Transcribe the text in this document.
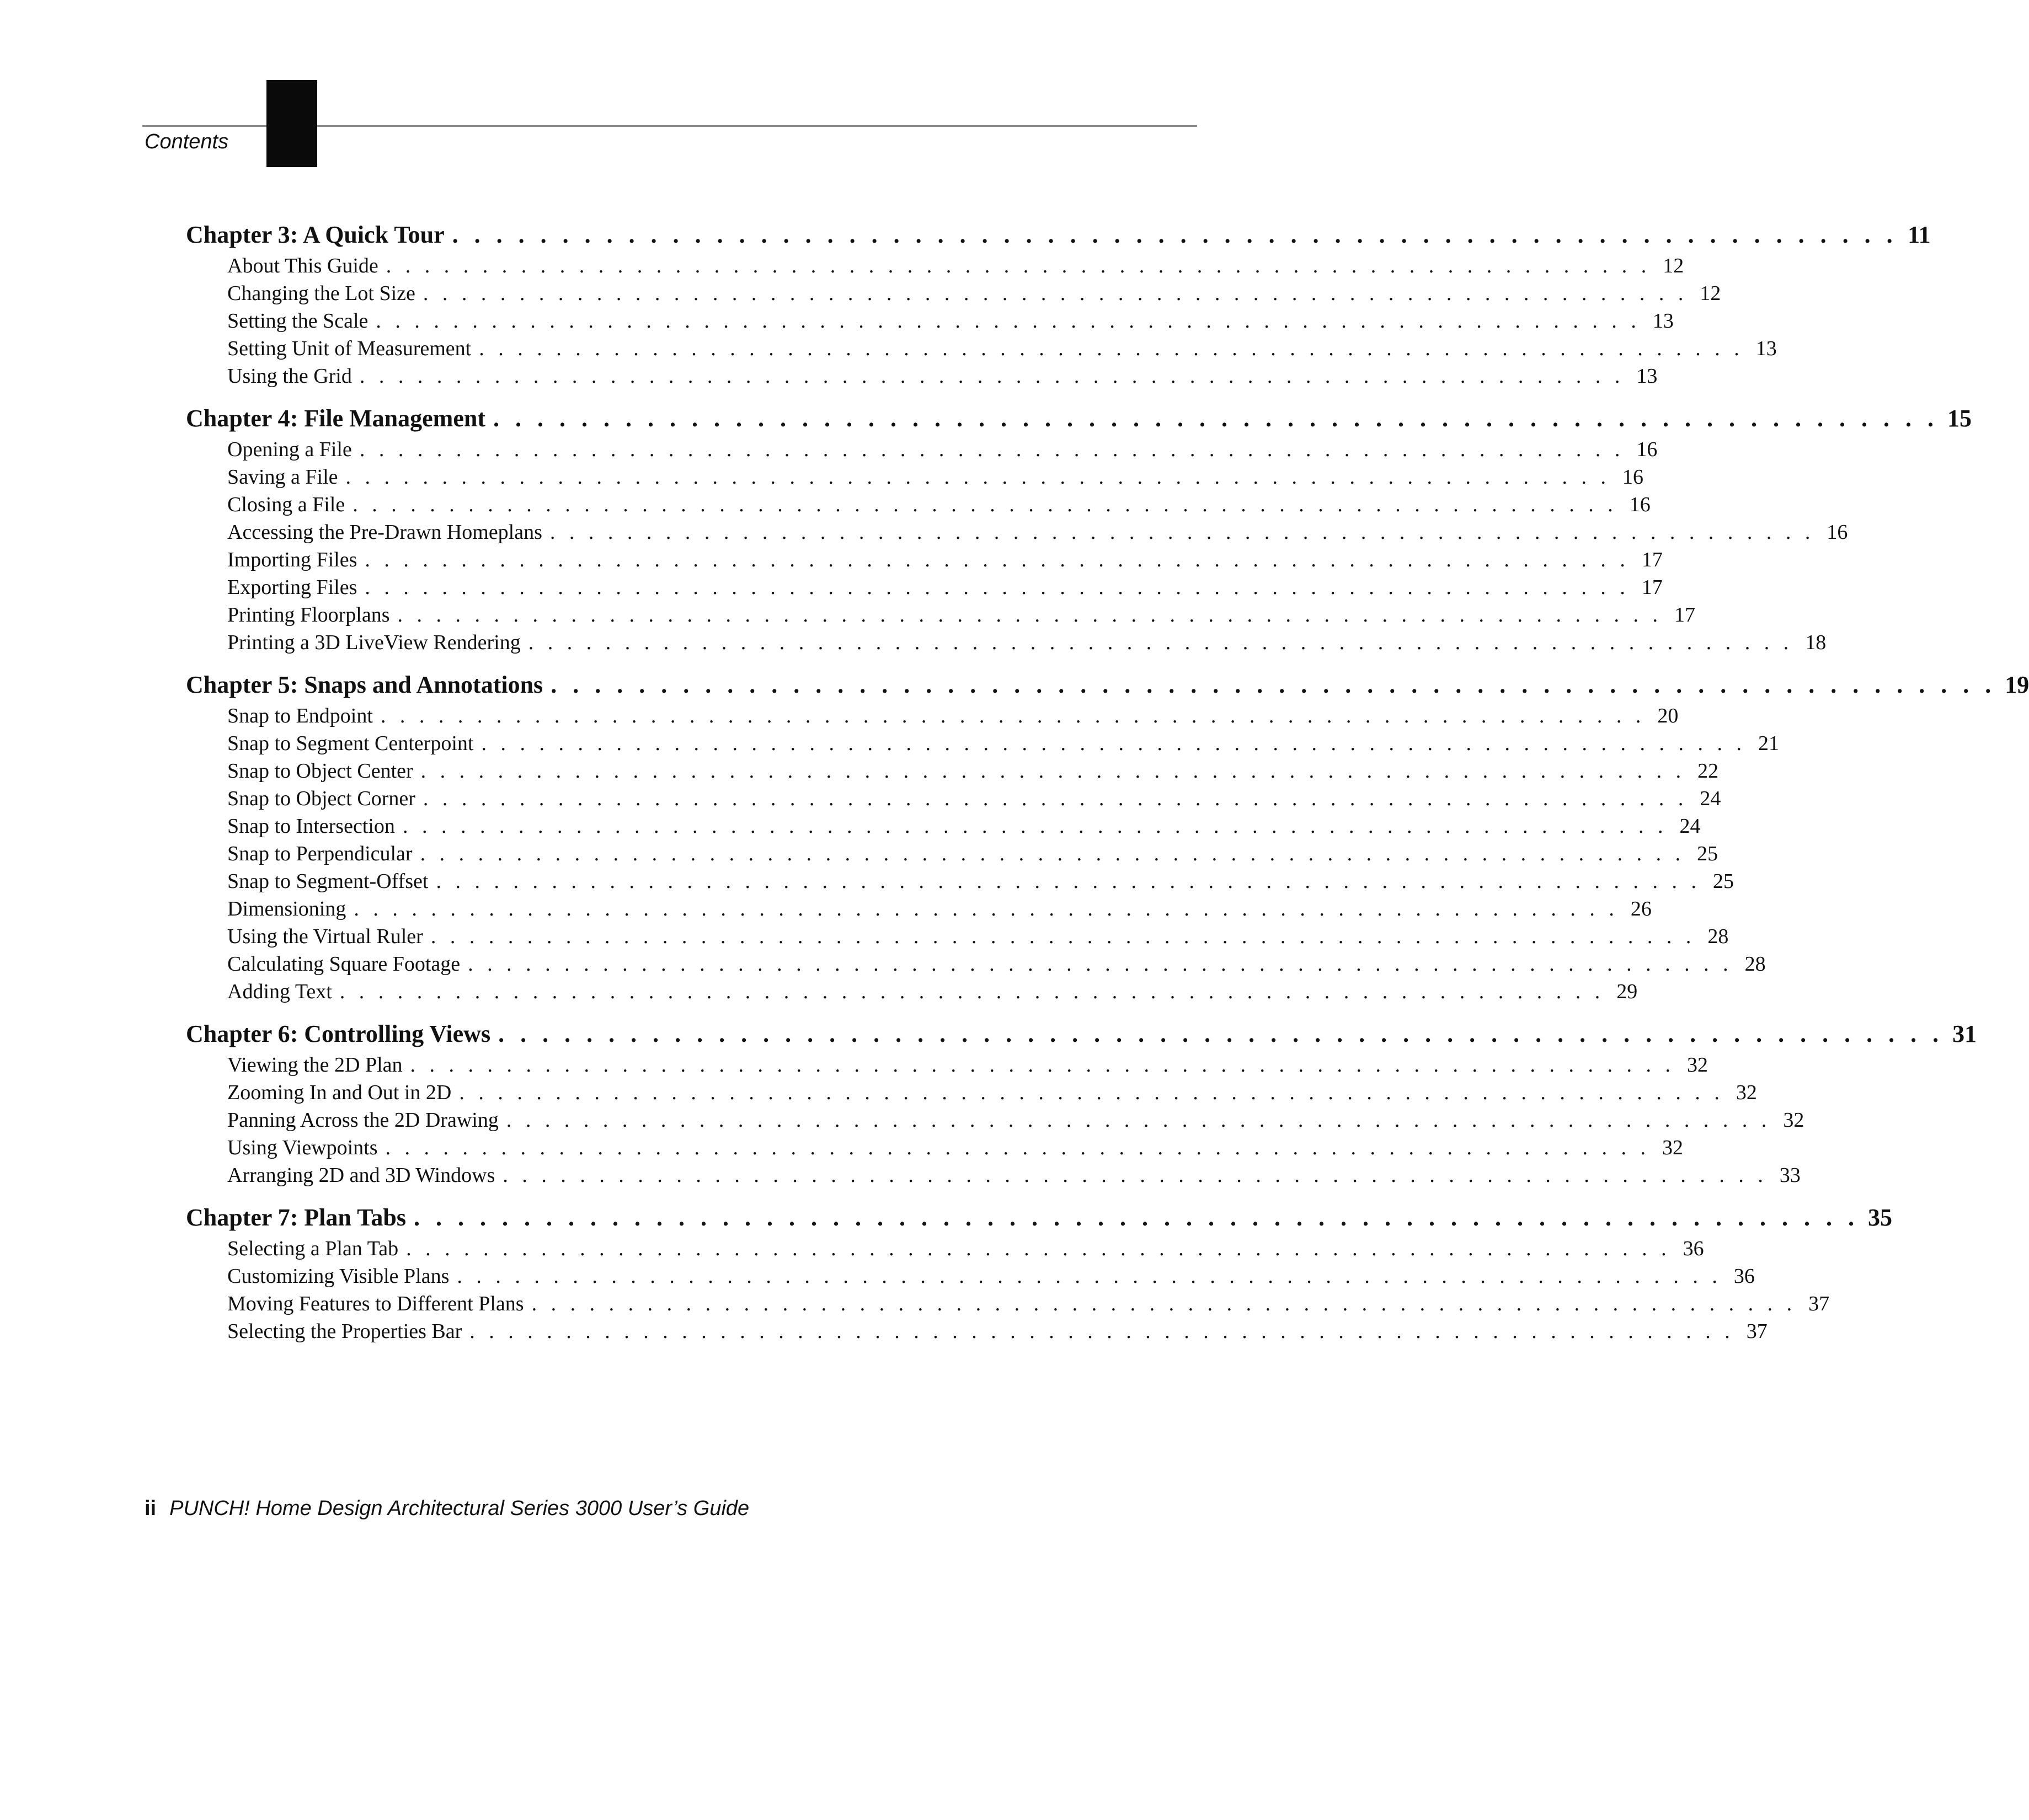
Contents
Chapter 3: A Quick Tour . . . . . . . . . . . . . . . . . . . . . . . . . . . . . . . . . . . . . . . . . . . . . . . . . . . . . . . . . . . . . . . . . . 11
About This Guide . . . . . . . . . . . . . . . . . . . . . . . . . . . . . . . . . . . . . . . . . . . . . . . . . . . . . . . . . . . . . . . . . . 12
Changing the Lot Size . . . . . . . . . . . . . . . . . . . . . . . . . . . . . . . . . . . . . . . . . . . . . . . . . . . . . . . . . . . . . . . . . . 12
Setting the Scale . . . . . . . . . . . . . . . . . . . . . . . . . . . . . . . . . . . . . . . . . . . . . . . . . . . . . . . . . . . . . . . . . . 13
Setting Unit of Measurement . . . . . . . . . . . . . . . . . . . . . . . . . . . . . . . . . . . . . . . . . . . . . . . . . . . . . . . . . . . . . . . . . . 13
Using the Grid . . . . . . . . . . . . . . . . . . . . . . . . . . . . . . . . . . . . . . . . . . . . . . . . . . . . . . . . . . . . . . . . . . 13
Chapter 4: File Management . . . . . . . . . . . . . . . . . . . . . . . . . . . . . . . . . . . . . . . . . . . . . . . . . . . . . . . . . . . . . . . . . . 15
Opening a File . . . . . . . . . . . . . . . . . . . . . . . . . . . . . . . . . . . . . . . . . . . . . . . . . . . . . . . . . . . . . . . . . . 16
Saving a File . . . . . . . . . . . . . . . . . . . . . . . . . . . . . . . . . . . . . . . . . . . . . . . . . . . . . . . . . . . . . . . . . . 16
Closing a File . . . . . . . . . . . . . . . . . . . . . . . . . . . . . . . . . . . . . . . . . . . . . . . . . . . . . . . . . . . . . . . . . . 16
Accessing the Pre-Drawn Homeplans . . . . . . . . . . . . . . . . . . . . . . . . . . . . . . . . . . . . . . . . . . . . . . . . . . . . . . . . . . . . . . . . . . 16
Importing Files . . . . . . . . . . . . . . . . . . . . . . . . . . . . . . . . . . . . . . . . . . . . . . . . . . . . . . . . . . . . . . . . . . 17
Exporting Files . . . . . . . . . . . . . . . . . . . . . . . . . . . . . . . . . . . . . . . . . . . . . . . . . . . . . . . . . . . . . . . . . . 17
Printing Floorplans . . . . . . . . . . . . . . . . . . . . . . . . . . . . . . . . . . . . . . . . . . . . . . . . . . . . . . . . . . . . . . . . . . 17
Printing a 3D LiveView Rendering . . . . . . . . . . . . . . . . . . . . . . . . . . . . . . . . . . . . . . . . . . . . . . . . . . . . . . . . . . . . . . . . . . 18
Chapter 5: Snaps and Annotations . . . . . . . . . . . . . . . . . . . . . . . . . . . . . . . . . . . . . . . . . . . . . . . . . . . . . . . . . . . . . . . . . . 19
Snap to Endpoint . . . . . . . . . . . . . . . . . . . . . . . . . . . . . . . . . . . . . . . . . . . . . . . . . . . . . . . . . . . . . . . . . . 20
Snap to Segment Centerpoint . . . . . . . . . . . . . . . . . . . . . . . . . . . . . . . . . . . . . . . . . . . . . . . . . . . . . . . . . . . . . . . . . . 21
Snap to Object Center . . . . . . . . . . . . . . . . . . . . . . . . . . . . . . . . . . . . . . . . . . . . . . . . . . . . . . . . . . . . . . . . . . 22
Snap to Object Corner . . . . . . . . . . . . . . . . . . . . . . . . . . . . . . . . . . . . . . . . . . . . . . . . . . . . . . . . . . . . . . . . . . 24
Snap to Intersection . . . . . . . . . . . . . . . . . . . . . . . . . . . . . . . . . . . . . . . . . . . . . . . . . . . . . . . . . . . . . . . . . . 24
Snap to Perpendicular . . . . . . . . . . . . . . . . . . . . . . . . . . . . . . . . . . . . . . . . . . . . . . . . . . . . . . . . . . . . . . . . . . 25
Snap to Segment-Offset . . . . . . . . . . . . . . . . . . . . . . . . . . . . . . . . . . . . . . . . . . . . . . . . . . . . . . . . . . . . . . . . . . 25
Dimensioning . . . . . . . . . . . . . . . . . . . . . . . . . . . . . . . . . . . . . . . . . . . . . . . . . . . . . . . . . . . . . . . . . . 26
Using the Virtual Ruler . . . . . . . . . . . . . . . . . . . . . . . . . . . . . . . . . . . . . . . . . . . . . . . . . . . . . . . . . . . . . . . . . . 28
Calculating Square Footage . . . . . . . . . . . . . . . . . . . . . . . . . . . . . . . . . . . . . . . . . . . . . . . . . . . . . . . . . . . . . . . . . . 28
Adding Text . . . . . . . . . . . . . . . . . . . . . . . . . . . . . . . . . . . . . . . . . . . . . . . . . . . . . . . . . . . . . . . . . . 29
Chapter 6: Controlling Views . . . . . . . . . . . . . . . . . . . . . . . . . . . . . . . . . . . . . . . . . . . . . . . . . . . . . . . . . . . . . . . . . . 31
Viewing the 2D Plan . . . . . . . . . . . . . . . . . . . . . . . . . . . . . . . . . . . . . . . . . . . . . . . . . . . . . . . . . . . . . . . . . . 32
Zooming In and Out in 2D . . . . . . . . . . . . . . . . . . . . . . . . . . . . . . . . . . . . . . . . . . . . . . . . . . . . . . . . . . . . . . . . . . 32
Panning Across the 2D Drawing . . . . . . . . . . . . . . . . . . . . . . . . . . . . . . . . . . . . . . . . . . . . . . . . . . . . . . . . . . . . . . . . . . 32
Using Viewpoints . . . . . . . . . . . . . . . . . . . . . . . . . . . . . . . . . . . . . . . . . . . . . . . . . . . . . . . . . . . . . . . . . . 32
Arranging 2D and 3D Windows . . . . . . . . . . . . . . . . . . . . . . . . . . . . . . . . . . . . . . . . . . . . . . . . . . . . . . . . . . . . . . . . . . 33
Chapter 7: Plan Tabs . . . . . . . . . . . . . . . . . . . . . . . . . . . . . . . . . . . . . . . . . . . . . . . . . . . . . . . . . . . . . . . . . . 35
Selecting a Plan Tab . . . . . . . . . . . . . . . . . . . . . . . . . . . . . . . . . . . . . . . . . . . . . . . . . . . . . . . . . . . . . . . . . . 36
Customizing Visible Plans . . . . . . . . . . . . . . . . . . . . . . . . . . . . . . . . . . . . . . . . . . . . . . . . . . . . . . . . . . . . . . . . . . 36
Moving Features to Different Plans . . . . . . . . . . . . . . . . . . . . . . . . . . . . . . . . . . . . . . . . . . . . . . . . . . . . . . . . . . . . . . . . . . 37
Selecting the Properties Bar . . . . . . . . . . . . . . . . . . . . . . . . . . . . . . . . . . . . . . . . . . . . . . . . . . . . . . . . . . . . . . . . . . 37
ii PUNCH! Home Design Architectural Series 3000 User’s Guide
